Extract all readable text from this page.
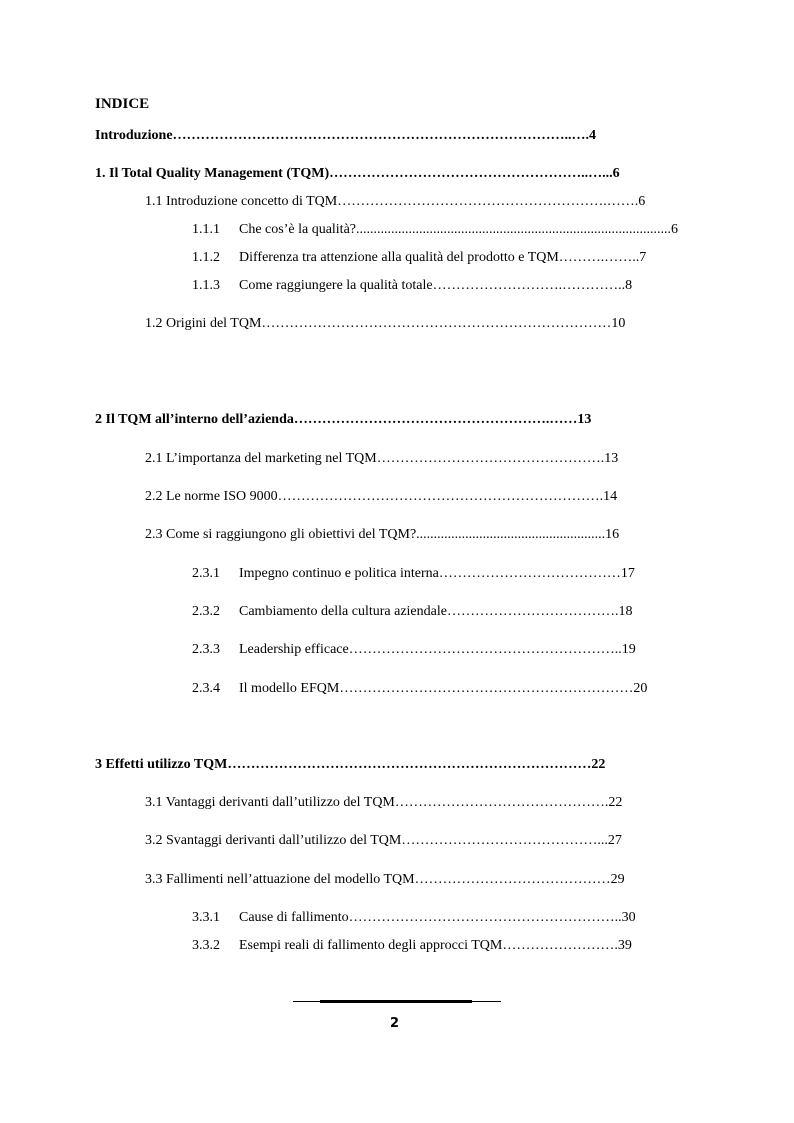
INDICE
Introduzione…………………………………………………………………………..….4
1. Il Total Quality Management (TQM)………………………………………………..…...6
1.1 Introduzione concetto di TQM………………………………………………….…….6
1.1.1 Che cos’è la qualità?..........................................................................................6
1.1.2 Differenza tra attenzione alla qualità del prodotto e TQM……….……..7
1.1.3 Come raggiungere la qualità totale……………………….…………..8
1.2 Origini del TQM…………………………………………………………………10
2 Il TQM all’interno dell’azienda……………………………………………….……13
2.1 L’importanza del marketing nel TQM………………………………………….13
2.2 Le norme ISO 9000…………………………………………………………….14
2.3 Come si raggiungono gli obiettivi del TQM?......................................................16
2.3.1 Impegno continuo e politica interna…………………………………17
2.3.2 Cambiamento della cultura aziendale……………………………….18
2.3.3 Leadership efficace…………………………………………………..19
2.3.4 Il modello EFQM………………………………………………………20
3 Effetti utilizzo TQM……………………………………………………………………22
3.1 Vantaggi derivanti dall’utilizzo del TQM……………………………………….22
3.2 Svantaggi derivanti dall’utilizzo del TQM……………………………………...27
3.3 Fallimenti nell’attuazione del modello TQM……………………………………29
3.3.1 Cause di fallimento…………………………………………………..30
3.3.2 Esempi reali di fallimento degli approcci TQM…………………….39
2
